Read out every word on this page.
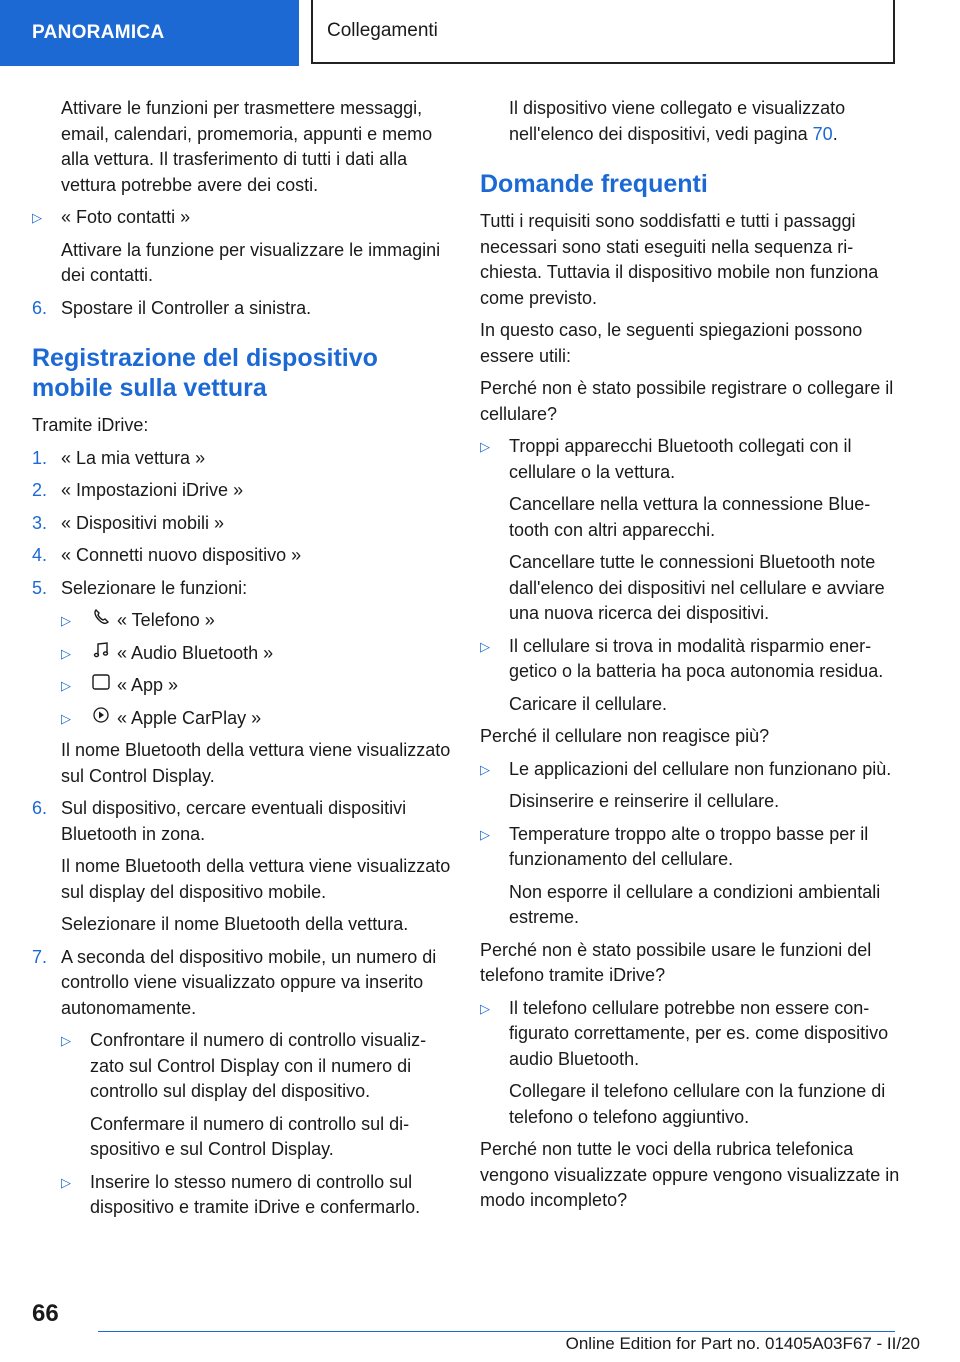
PANORAMICA	Collegamenti
Attivare le funzioni per trasmettere messaggi, email, calendari, promemoria, appunti e memo alla vettura. Il trasferimento di tutti i dati alla vettura potrebbe avere dei costi.
▷	« Foto contatti »
Attivare la funzione per visualizzare le immagini dei contatti.
6. Spostare il Controller a sinistra.
Registrazione del dispositivo mobile sulla vettura
Tramite iDrive:
1. « La mia vettura »
2. « Impostazioni iDrive »
3. « Dispositivi mobili »
4. « Connetti nuovo dispositivo »
5. Selezionare le funzioni:
▷	« Telefono »
▷	« Audio Bluetooth »
▷	« App »
▷	« Apple CarPlay »
Il nome Bluetooth della vettura viene visualizzato sul Control Display.
6. Sul dispositivo, cercare eventuali dispositivi Bluetooth in zona.
Il nome Bluetooth della vettura viene visualizzato sul display del dispositivo mobile.
Selezionare il nome Bluetooth della vettura.
7. A seconda del dispositivo mobile, un numero di controllo viene visualizzato oppure va inserito autonomamente.
▷	Confrontare il numero di controllo visualizzato sul Control Display con il numero di controllo sul display del dispositivo.
Confermare il numero di controllo sul dispositivo e sul Control Display.
▷	Inserire lo stesso numero di controllo sul dispositivo e tramite iDrive e confermarlo.
Il dispositivo viene collegato e visualizzato nell'elenco dei dispositivi, vedi pagina 70.
Domande frequenti
Tutti i requisiti sono soddisfatti e tutti i passaggi necessari sono stati eseguiti nella sequenza richiesta. Tuttavia il dispositivo mobile non funziona come previsto.
In questo caso, le seguenti spiegazioni possono essere utili:
Perché non è stato possibile registrare o collegare il cellulare?
▷	Troppi apparecchi Bluetooth collegati con il cellulare o la vettura.
Cancellare nella vettura la connessione Bluetooth con altri apparecchi.
Cancellare tutte le connessioni Bluetooth note dall'elenco dei dispositivi nel cellulare e avviare una nuova ricerca dei dispositivi.
▷	Il cellulare si trova in modalità risparmio energetico o la batteria ha poca autonomia residua.
Caricare il cellulare.
Perché il cellulare non reagisce più?
▷	Le applicazioni del cellulare non funzionano più.
Disinserire e reinserire il cellulare.
▷	Temperature troppo alte o troppo basse per il funzionamento del cellulare.
Non esporre il cellulare a condizioni ambientali estreme.
Perché non è stato possibile usare le funzioni del telefono tramite iDrive?
▷	Il telefono cellulare potrebbe non essere configurato correttamente, per es. come dispositivo audio Bluetooth.
Collegare il telefono cellulare con la funzione di telefono o telefono aggiuntivo.
Perché non tutte le voci della rubrica telefonica vengono visualizzate oppure vengono visualizzate in modo incompleto?
66
Online Edition for Part no. 01405A03F67 - II/20
